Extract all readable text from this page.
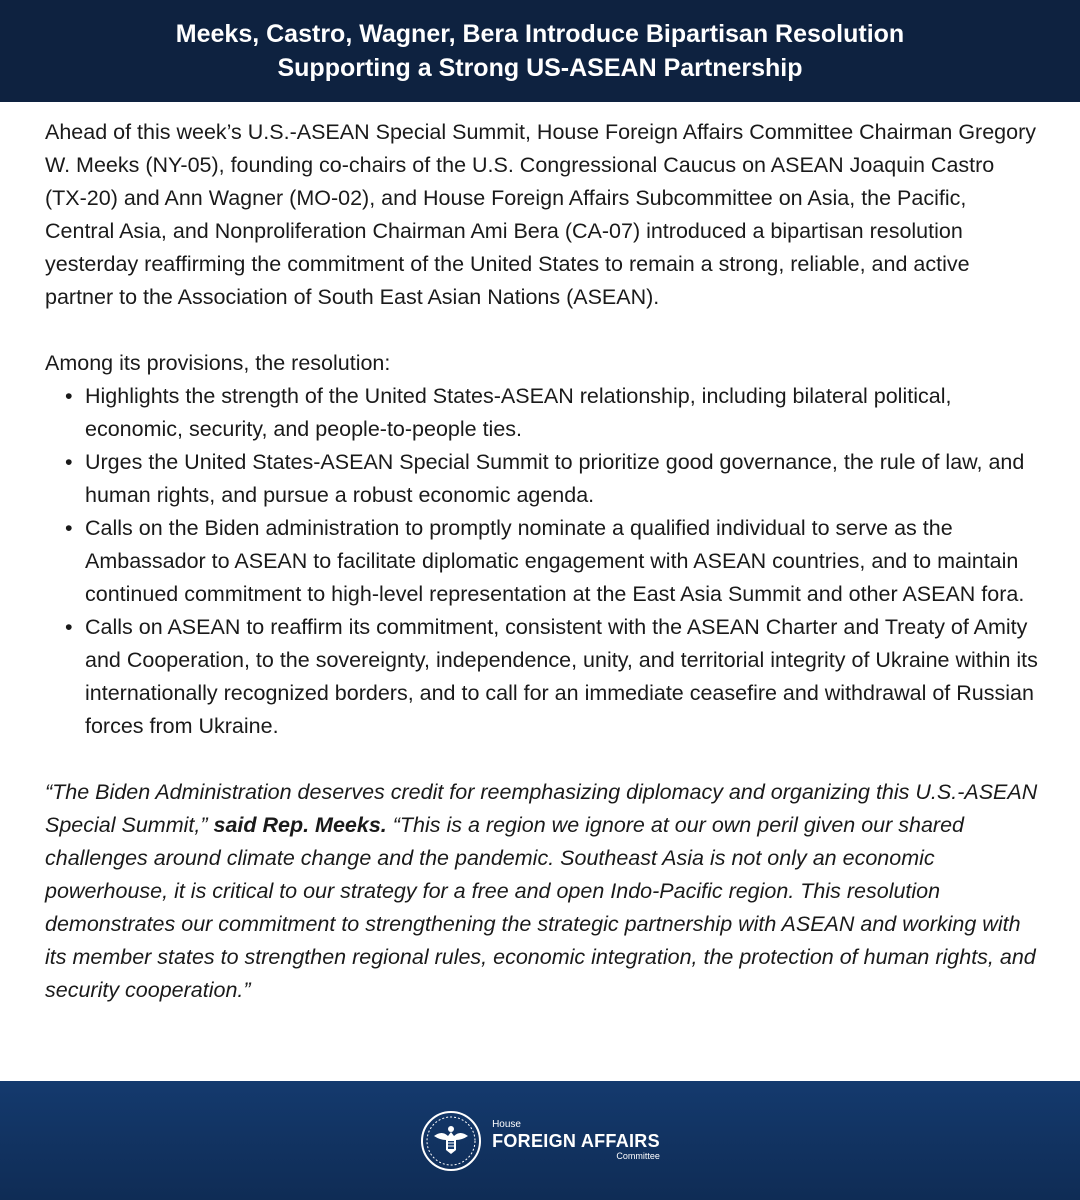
Meeks, Castro, Wagner, Bera Introduce Bipartisan Resolution
Supporting a Strong US-ASEAN Partnership

Ahead of this week’s U.S.-ASEAN Special Summit, House Foreign Affairs Committee Chairman Gregory W. Meeks (NY-05), founding co-chairs of the U.S. Congressional Caucus on ASEAN Joaquin Castro (TX-20) and Ann Wagner (MO-02), and House Foreign Affairs Subcommittee on Asia, the Pacific, Central Asia, and Nonproliferation Chairman Ami Bera (CA-07) introduced a bipartisan resolution yesterday reaffirming the commitment of the United States to remain a strong, reliable, and active partner to the Association of South East Asian Nations (ASEAN).

Among its provisions, the resolution:

• Highlights the strength of the United States-ASEAN relationship, including bilateral political, economic, security, and people-to-people ties.
• Urges the United States-ASEAN Special Summit to prioritize good governance, the rule of law, and human rights, and pursue a robust economic agenda.
• Calls on the Biden administration to promptly nominate a qualified individual to serve as the Ambassador to ASEAN to facilitate diplomatic engagement with ASEAN countries, and to maintain continued commitment to high-level representation at the East Asia Summit and other ASEAN fora.
• Calls on ASEAN to reaffirm its commitment, consistent with the ASEAN Charter and Treaty of Amity and Cooperation, to the sovereignty, independence, unity, and territorial integrity of Ukraine within its internationally recognized borders, and to call for an immediate ceasefire and withdrawal of Russian forces from Ukraine.

“The Biden Administration deserves credit for reemphasizing diplomacy and organizing this U.S.-ASEAN Special Summit,” said Rep. Meeks. “This is a region we ignore at our own peril given our shared challenges around climate change and the pandemic. Southeast Asia is not only an economic powerhouse, it is critical to our strategy for a free and open Indo-Pacific region. This resolution demonstrates our commitment to strengthening the strategic partnership with ASEAN and working with its member states to strengthen regional rules, economic integration, the protection of human rights, and security cooperation.”

House
FOREIGN AFFAIRS
Committee
